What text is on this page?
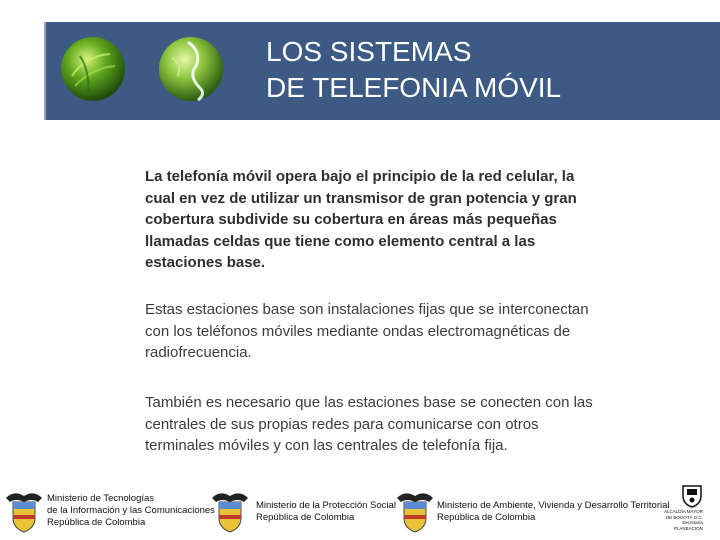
LOS SISTEMAS
DE TELEFONIA MÓVIL
La telefonía móvil opera bajo el principio de la red celular, la cual en vez de utilizar un transmisor de gran potencia y gran cobertura subdivide su cobertura en áreas más pequeñas llamadas celdas que tiene como elemento central a las estaciones base.
Estas estaciones base son instalaciones fijas que se interconectan con los teléfonos móviles mediante ondas electromagnéticas de radiofrecuencia.
También es necesario que las estaciones base se conecten con las centrales de sus propias redes para comunicarse con otros terminales móviles y con las centrales de telefonía fija.
Ministerio de Tecnologías
de la Información y las Comunicaciones
República de Colombia
Ministerio de la Protección Social
República de Colombia
Ministerio de Ambiente, Vivienda y Desarrollo Territorial
República de Colombia
ALCALDÍA MAYOR
DE BOGOTÁ D.C.
Secretaría
PLANEACIÓN
